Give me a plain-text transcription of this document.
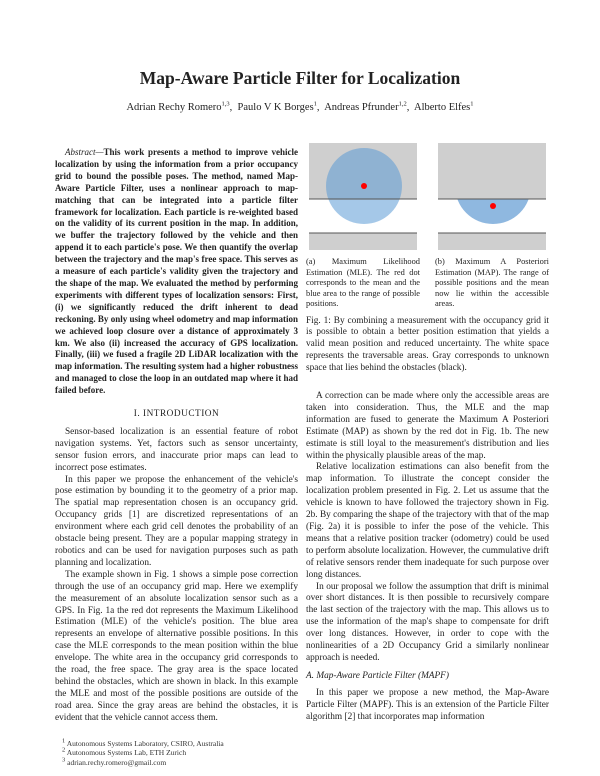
Map-Aware Particle Filter for Localization
Adrian Rechy Romero$^{1,3}$,  Paulo V K Borges$^1$,  Andreas Pfrunder$^{1,2}$,  Alberto Elfes$^1$

Abstract—This work presents a method to improve vehicle localization by using the information from a prior occupancy grid to bound the possible poses. The method, named Map-Aware Particle Filter, uses a nonlinear approach to map-matching that can be integrated into a particle filter framework for localization. Each particle is re-weighted based on the validity of its current position in the map. In addition, we buffer the trajectory followed by the vehicle and then append it to each particle's pose. We then quantify the overlap between the trajectory and the map's free space. This serves as a measure of each particle's validity given the trajectory and the shape of the map. We evaluated the method by performing experiments with different types of localization sensors: First, (i) we significantly reduced the drift inherent to dead reckoning. By only using wheel odometry and map information we achieved loop closure over a distance of approximately 3 km. We also (ii) increased the accuracy of GPS localization. Finally, (iii) we fused a fragile 2D LiDAR localization with the map information. The resulting system had a higher robustness and managed to close the loop in an outdated map where it had failed before.

I. INTRODUCTION

Sensor-based localization is an essential feature of robot navigation systems. Yet, factors such as sensor uncertainty, sensor fusion errors, and inaccurate prior maps can lead to incorrect pose estimates.

In this paper we propose the enhancement of the vehicle's pose estimation by bounding it to the geometry of a prior map. The spatial map representation chosen is an occupancy grid. Occupancy grids [1] are discretized representations of an environment where each grid cell denotes the probability of an obstacle being present. They are a popular mapping strategy in robotics and can be used for navigation purposes such as path planning and localization.

The example shown in Fig. 1 shows a simple pose correction through the use of an occupancy grid map. Here we exemplify the measurement of an absolute localization sensor such as a GPS. In Fig. 1a the red dot represents the Maximum Likelihood Estimation (MLE) of the vehicle's position. The blue area represents an envelope of alternative possible positions. In this case the MLE corresponds to the mean position within the blue envelope. The white area in the occupancy grid corresponds to the road, the free space. The gray area is the space located behind the obstacles, which are shown in black. In this example the MLE and most of the possible positions are outside of the road area. Since the gray areas are behind the obstacles, it is evident that the vehicle cannot access them.

$^1$ Autonomous Systems Laboratory, CSIRO, Australia
$^2$ Autonomous Systems Lab, ETH Zurich
$^3$ adrian.rechy.romero@gmail.com
(a) Maximum Likelihood Estimation (MLE). The red dot corresponds to the mean and the blue area to the range of possible positions.
(b) Maximum A Posteriori Estimation (MAP). The range of possible positions and the mean now lie within the accessible areas.
Fig. 1: By combining a measurement with the occupancy grid it is possible to obtain a better position estimation that yields a valid mean position and reduced uncertainty. The white space represents the traversable areas. Gray corresponds to unknown space that lies behind the obstacles (black).

A correction can be made where only the accessible areas are taken into consideration. Thus, the MLE and the map information are fused to generate the Maximum A Posteriori Estimate (MAP) as shown by the red dot in Fig. 1b. The new estimate is still loyal to the measurement's distribution and lies within the physically plausible areas of the map.

Relative localization estimations can also benefit from the map information. To illustrate the concept consider the localization problem presented in Fig. 2. Let us assume that the vehicle is known to have followed the trajectory shown in Fig. 2b. By comparing the shape of the trajectory with that of the map (Fig. 2a) it is possible to infer the pose of the vehicle. This means that a relative position tracker (odometry) could be used to perform absolute localization. However, the cummulative drift of relative sensors render them inadequate for such purpose over long distances.

In our proposal we follow the assumption that drift is minimal over short distances. It is then possible to recursively compare the last section of the trajectory with the map. This allows us to use the information of the map's shape to compensate for drift over long distances. However, in order to cope with the nonlinearities of a 2D Occupancy Grid a similarly nonlinear approach is needed.

A. Map-Aware Particle Filter (MAPF)

In this paper we propose a new method, the Map-Aware Particle Filter (MAPF). This is an extension of the Particle Filter algorithm [2] that incorporates map information
